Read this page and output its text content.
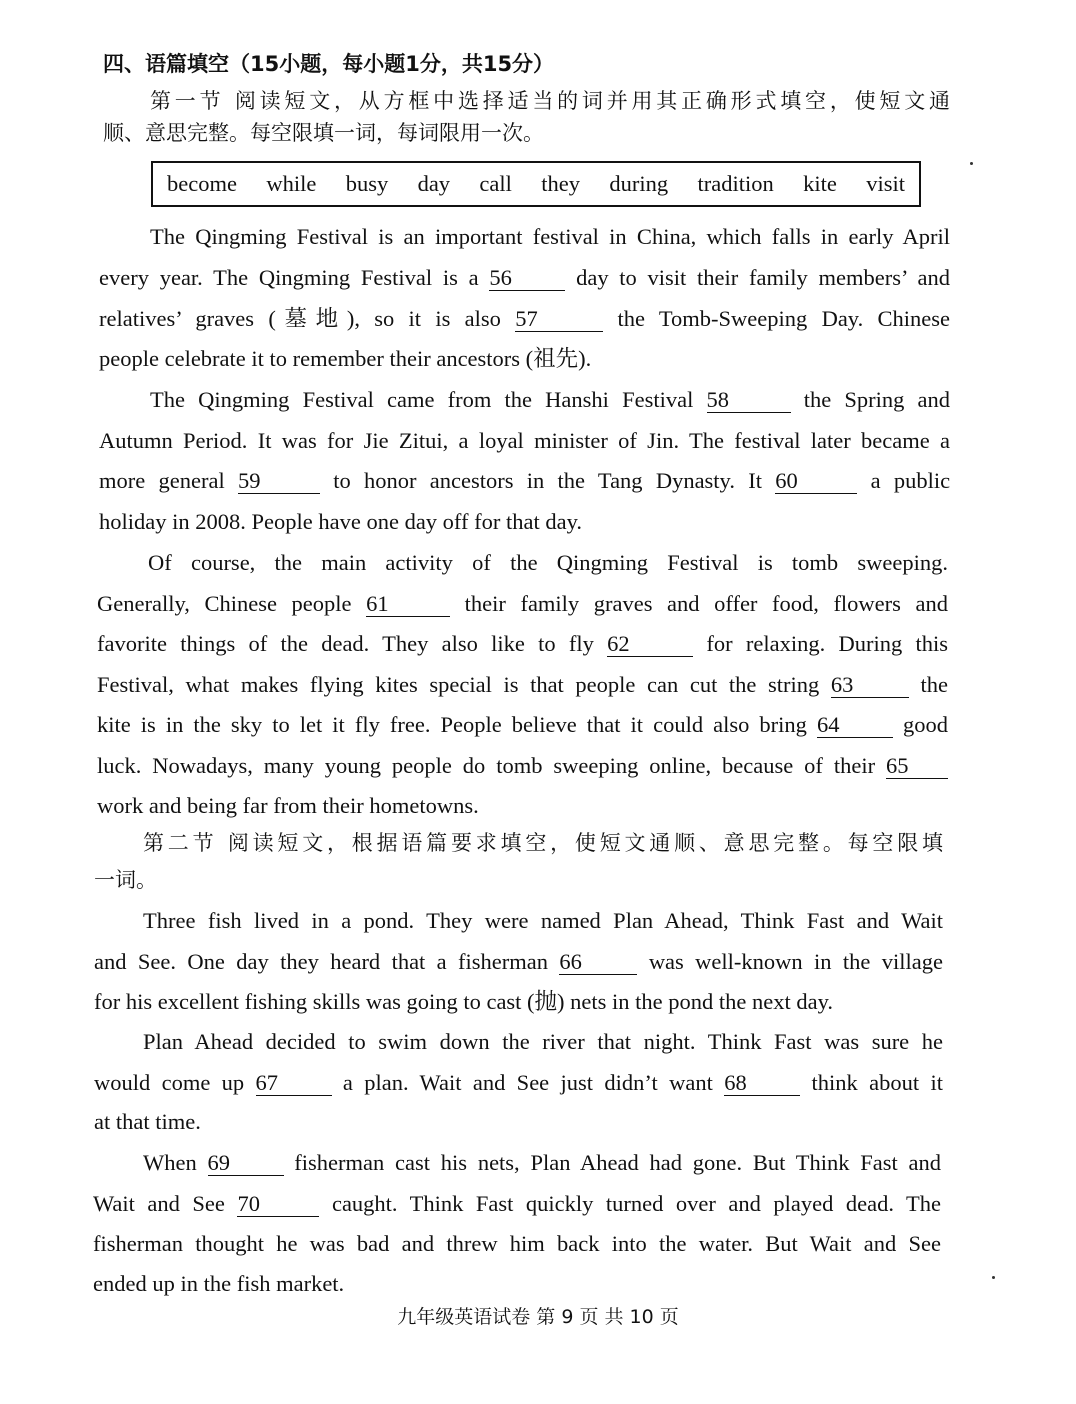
四、语篇填空（15小题，每小题1分，共15分）
第一节 阅读短文，从方框中选择适当的词并用其正确形式填空，使短文通
顺、意思完整。每空限填一词，每词限用一次。
become while busy day call they during tradition kite visit
The Qingming Festival is an important festival in China, which falls in early April
every year. The Qingming Festival is a 56	day to visit their family members’ and
relatives’ graves (墓地), so it is also 57	the Tomb-Sweeping Day. Chinese
people celebrate it to remember their ancestors (祖先).
The Qingming Festival came from the Hanshi Festival 58	the Spring and
Autumn Period. It was for Jie Zitui, a loyal minister of Jin. The festival later became a
more general 59	to honor ancestors in the Tang Dynasty. It 60	a public
holiday in 2008. People have one day off for that day.
Of course, the main activity of the Qingming Festival is tomb sweeping.
Generally, Chinese people 61	their family graves and offer food, flowers and
favorite things of the dead. They also like to fly 62	for relaxing. During this
Festival, what makes flying kites special is that people can cut the string 63	the
kite is in the sky to let it fly free. People believe that it could also bring 64	good
luck. Nowadays, many young people do tomb sweeping online, because of their 65
work and being far from their hometowns.
第二节 阅读短文，根据语篇要求填空，使短文通顺、意思完整。每空限填
一词。
Three fish lived in a pond. They were named Plan Ahead, Think Fast and Wait
and See. One day they heard that a fisherman 66	was well-known in the village
for his excellent fishing skills was going to cast (抛) nets in the pond the next day.
Plan Ahead decided to swim down the river that night. Think Fast was sure he
would come up 67	a plan. Wait and See just didn’t want 68	think about it
at that time.
When 69	fisherman cast his nets, Plan Ahead had gone. But Think Fast and
Wait and See 70	caught. Think Fast quickly turned over and played dead. The
fisherman thought he was bad and threw him back into the water. But Wait and See
ended up in the fish market.
九年级英语试卷 第 9 页 共 10 页
